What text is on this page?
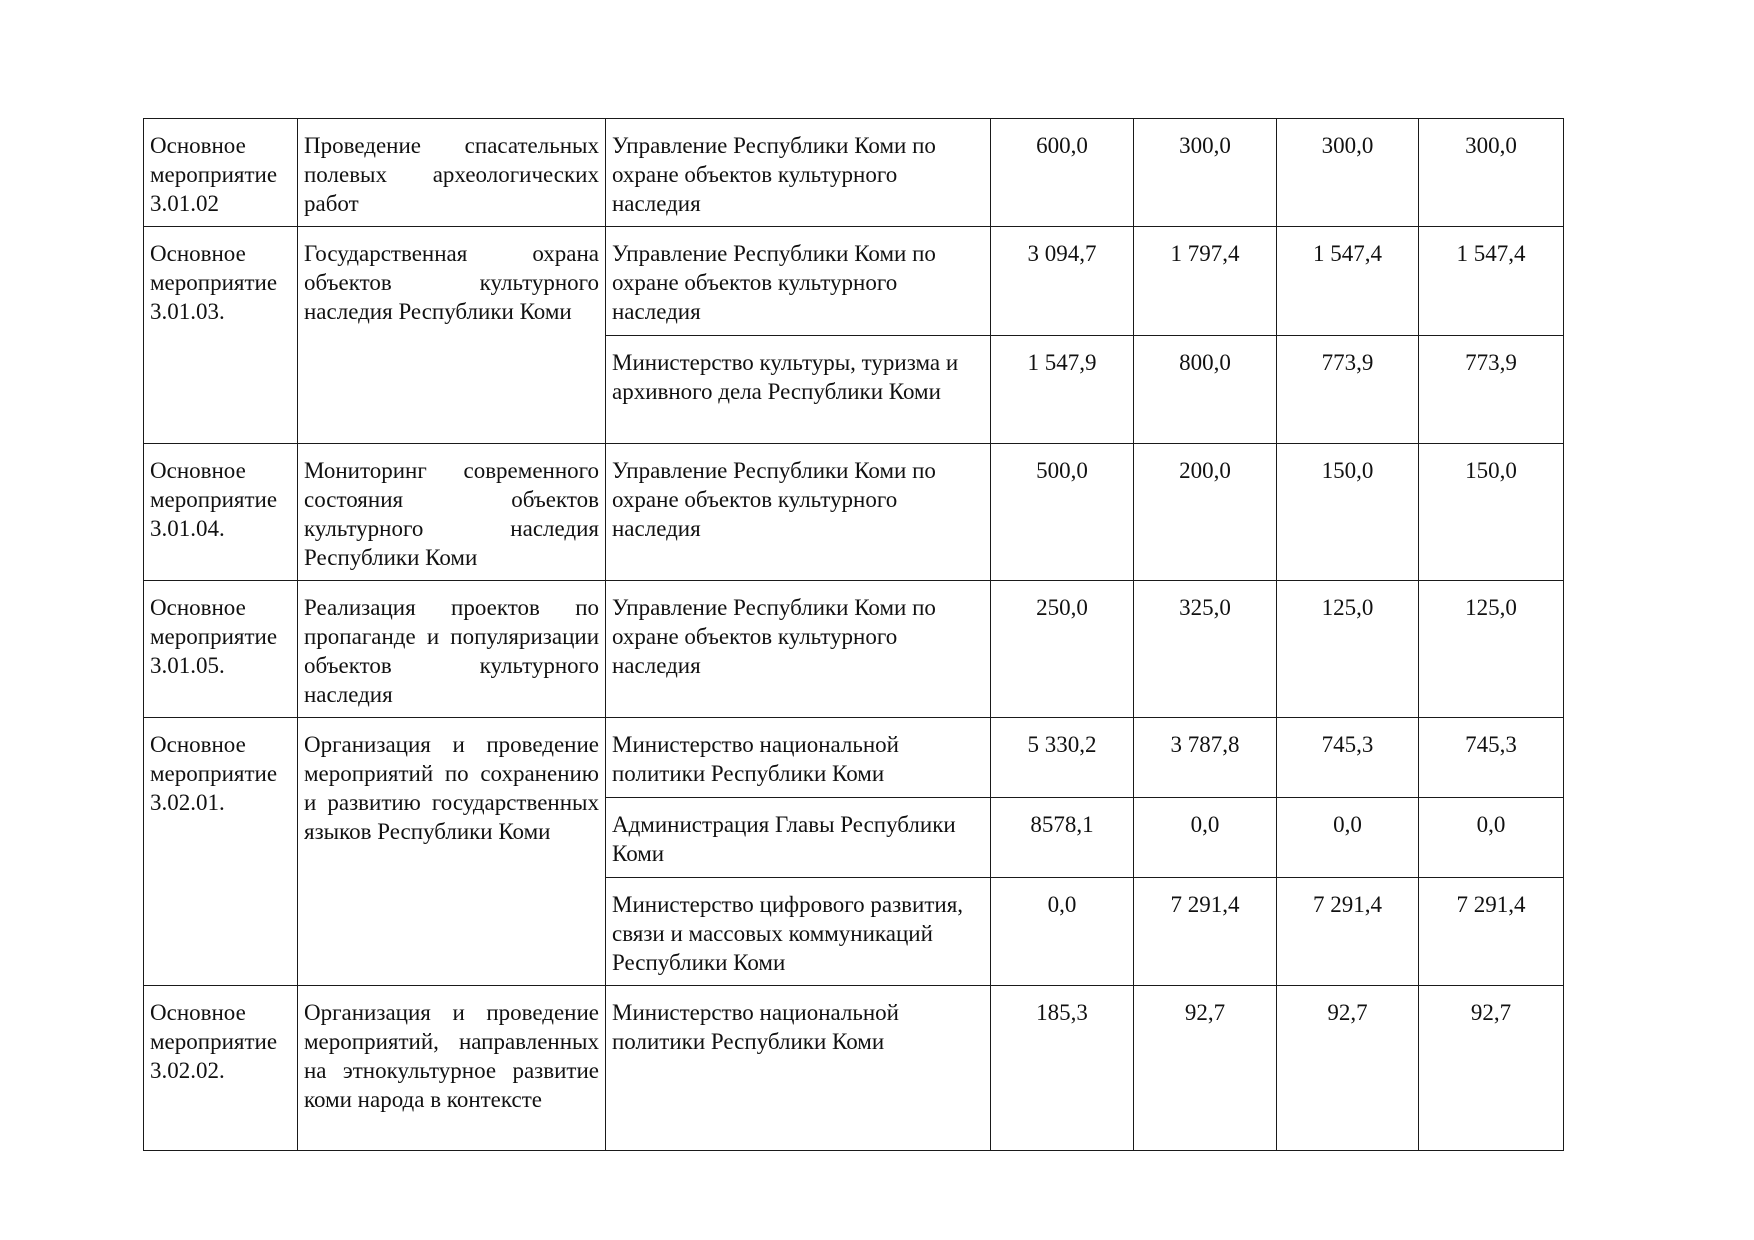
Основное мероприятие 3.01.02	Проведение спасательных полевых археологических работ	Управление Республики Коми по охране объектов культурного наследия	600,0	300,0	300,0	300,0
Основное мероприятие 3.01.03.	Государственная охрана объектов культурного наследия Республики Коми	Управление Республики Коми по охране объектов культурного наследия	3 094,7	1 797,4	1 547,4	1 547,4
		Министерство культуры, туризма и архивного дела Республики Коми	1 547,9	800,0	773,9	773,9
Основное мероприятие 3.01.04.	Мониторинг современного состояния объектов культурного наследия Республики Коми	Управление Республики Коми по охране объектов культурного наследия	500,0	200,0	150,0	150,0
Основное мероприятие 3.01.05.	Реализация проектов по пропаганде и популяризации объектов культурного наследия	Управление Республики Коми по охране объектов культурного наследия	250,0	325,0	125,0	125,0
Основное мероприятие 3.02.01.	Организация и проведение мероприятий по сохранению и развитию государственных языков Республики Коми	Министерство национальной политики Республики Коми	5 330,2	3 787,8	745,3	745,3
		Администрация Главы Республики Коми	8578,1	0,0	0,0	0,0
		Министерство цифрового развития, связи и массовых коммуникаций Республики Коми	0,0	7 291,4	7 291,4	7 291,4
Основное мероприятие 3.02.02.	Организация и проведение мероприятий, направленных на этнокультурное развитие коми народа в контексте	Министерство национальной политики Республики Коми	185,3	92,7	92,7	92,7
